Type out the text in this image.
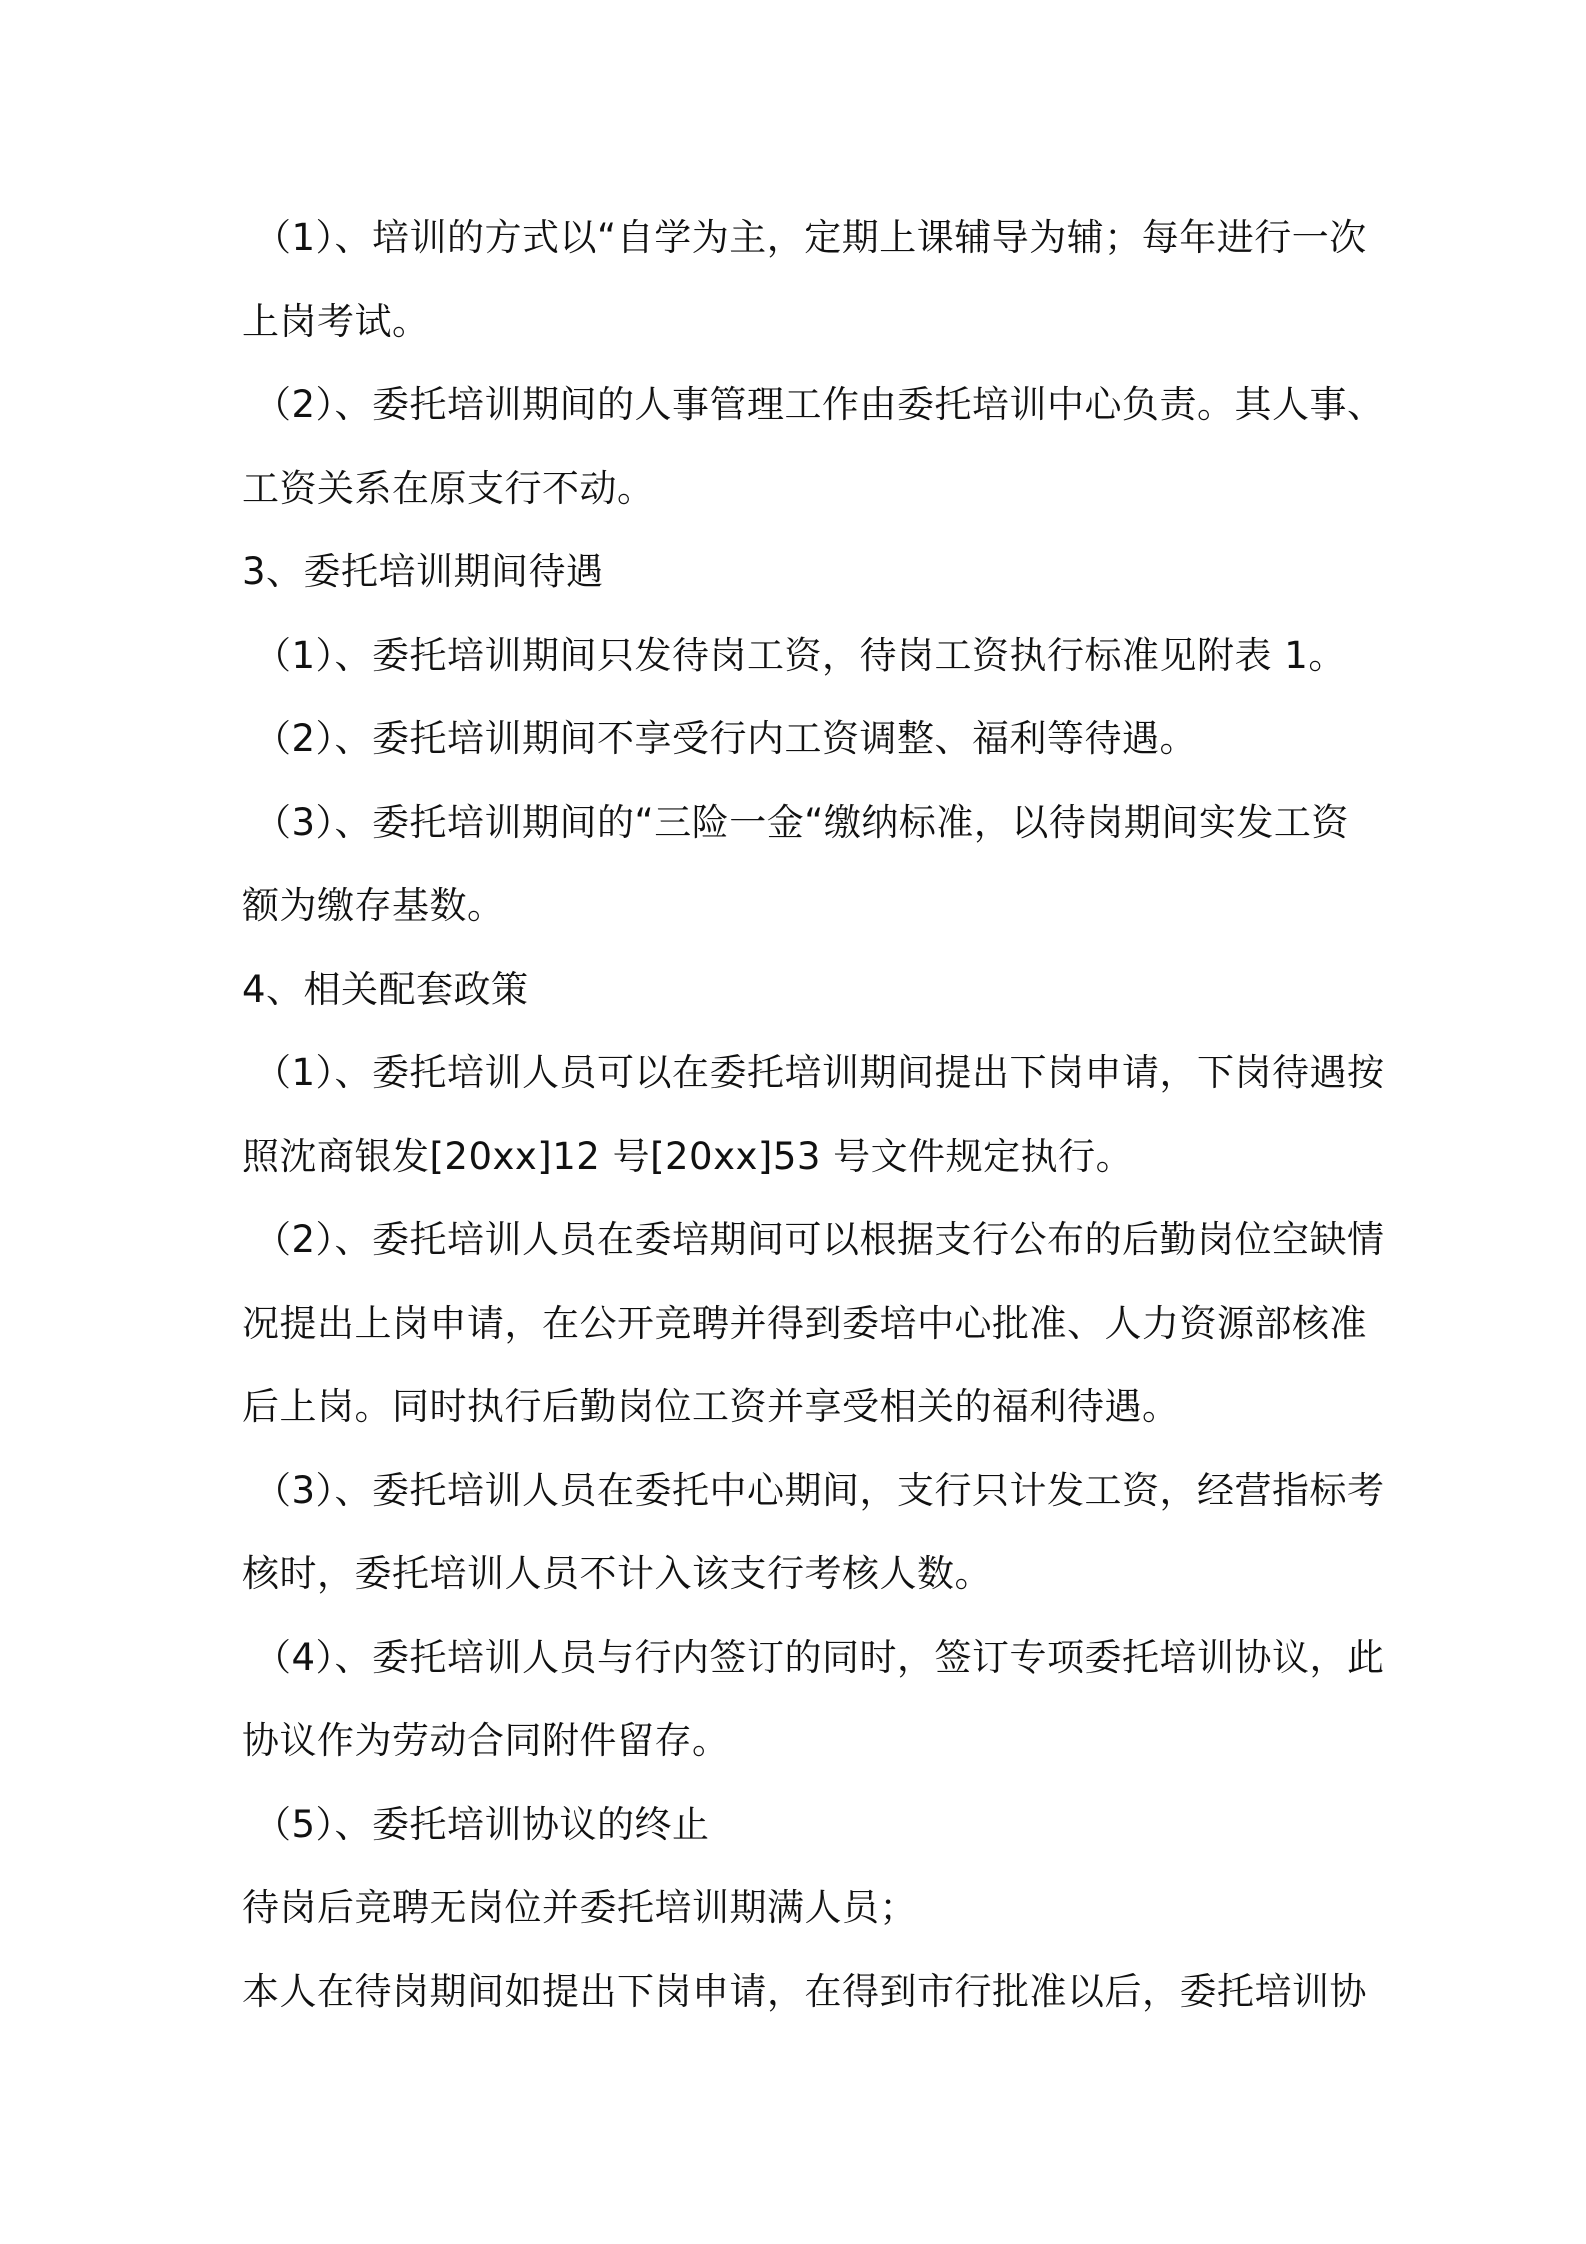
（1）、培训的方式以“自学为主，定期上课辅导为辅；每年进行一次
上岗考试。
（2）、委托培训期间的人事管理工作由委托培训中心负责。其人事、
工资关系在原支行不动。
3、委托培训期间待遇
（1）、委托培训期间只发待岗工资，待岗工资执行标准见附表 1。
（2）、委托培训期间不享受行内工资调整、福利等待遇。
（3）、委托培训期间的“三险一金“缴纳标准，以待岗期间实发工资
额为缴存基数。
4、相关配套政策
（1）、委托培训人员可以在委托培训期间提出下岗申请，下岗待遇按
照沈商银发[20xx]12 号[20xx]53 号文件规定执行。
（2）、委托培训人员在委培期间可以根据支行公布的后勤岗位空缺情
况提出上岗申请，在公开竞聘并得到委培中心批准、人力资源部核准
后上岗。同时执行后勤岗位工资并享受相关的福利待遇。
（3）、委托培训人员在委托中心期间，支行只计发工资，经营指标考
核时，委托培训人员不计入该支行考核人数。
（4）、委托培训人员与行内签订的同时，签订专项委托培训协议，此
协议作为劳动合同附件留存。
（5）、委托培训协议的终止
待岗后竞聘无岗位并委托培训期满人员；
本人在待岗期间如提出下岗申请，在得到市行批准以后，委托培训协
